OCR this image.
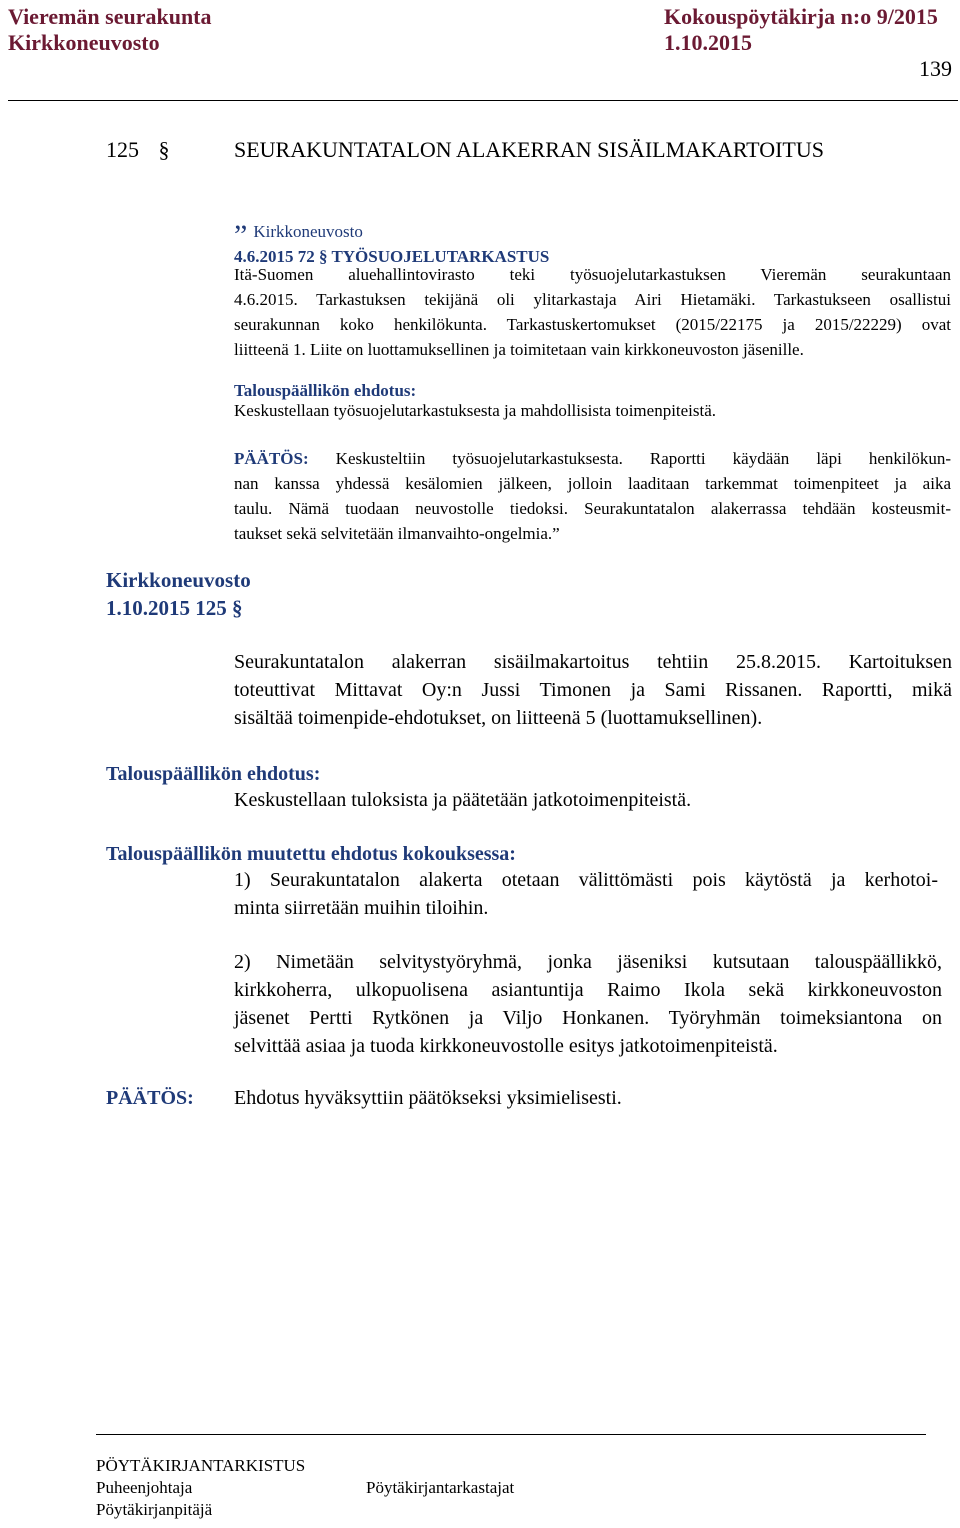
Vieremän seurakunta	Kokouspöytäkirja n:o 9/2015
Kirkkoneuvosto	1.10.2015
139
125 §	SEURAKUNTATALON ALAKERRAN SISÄILMAKARTOITUS
” Kirkkoneuvosto
4.6.2015 72 § TYÖSUOJELUTARKASTUS
Itä-Suomen aluehallintovirasto teki työsuojelutarkastuksen Vieremän seurakuntaan
4.6.2015. Tarkastuksen tekijänä oli ylitarkastaja Airi Hietamäki. Tarkastukseen osallistui
seurakunnan koko henkilökunta. Tarkastuskertomukset (2015/22175 ja 2015/22229) ovat
liitteenä 1. Liite on luottamuksellinen ja toimitetaan vain kirkkoneuvoston jäsenille.
Talouspäällikön ehdotus:
Keskustellaan työsuojelutarkastuksesta ja mahdollisista toimenpiteistä.
PÄÄTÖS: Keskusteltiin työsuojelutarkastuksesta. Raportti käydään läpi henkilökun-
nan kanssa yhdessä kesälomien jälkeen, jolloin laaditaan tarkemmat toimenpiteet ja aika
taulu. Nämä tuodaan neuvostolle tiedoksi. Seurakuntatalon alakerrassa tehdään kosteusmit-
taukset sekä selvitetään ilmanvaihto-ongelmia.”
Kirkkoneuvosto
1.10.2015 125 §
Seurakuntatalon alakerran sisäilmakartoitus tehtiin 25.8.2015. Kartoituksen
toteuttivat Mittavat Oy:n Jussi Timonen ja Sami Rissanen. Raportti, mikä
sisältää toimenpide-ehdotukset, on liitteenä 5 (luottamuksellinen).
Talouspäällikön ehdotus:
Keskustellaan tuloksista ja päätetään jatkotoimenpiteistä.
Talouspäällikön muutettu ehdotus kokouksessa:
1) Seurakuntatalon alakerta otetaan välittömästi pois käytöstä ja kerhotoi-
minta siirretään muihin tiloihin.
2) Nimetään selvitystyöryhmä, jonka jäseniksi kutsutaan talouspäällikkö,
kirkkoherra, ulkopuolisena asiantuntija Raimo Ikola sekä kirkkoneuvoston
jäsenet Pertti Rytkönen ja Viljo Honkanen. Työryhmän toimeksiantona on
selvittää asiaa ja tuoda kirkkoneuvostolle esitys jatkotoimenpiteistä.
PÄÄTÖS: Ehdotus hyväksyttiin päätökseksi yksimielisesti.
PÖYTÄKIRJANTARKISTUS
Puheenjohtaja	Pöytäkirjantarkastajat
Pöytäkirjanpitäjä
